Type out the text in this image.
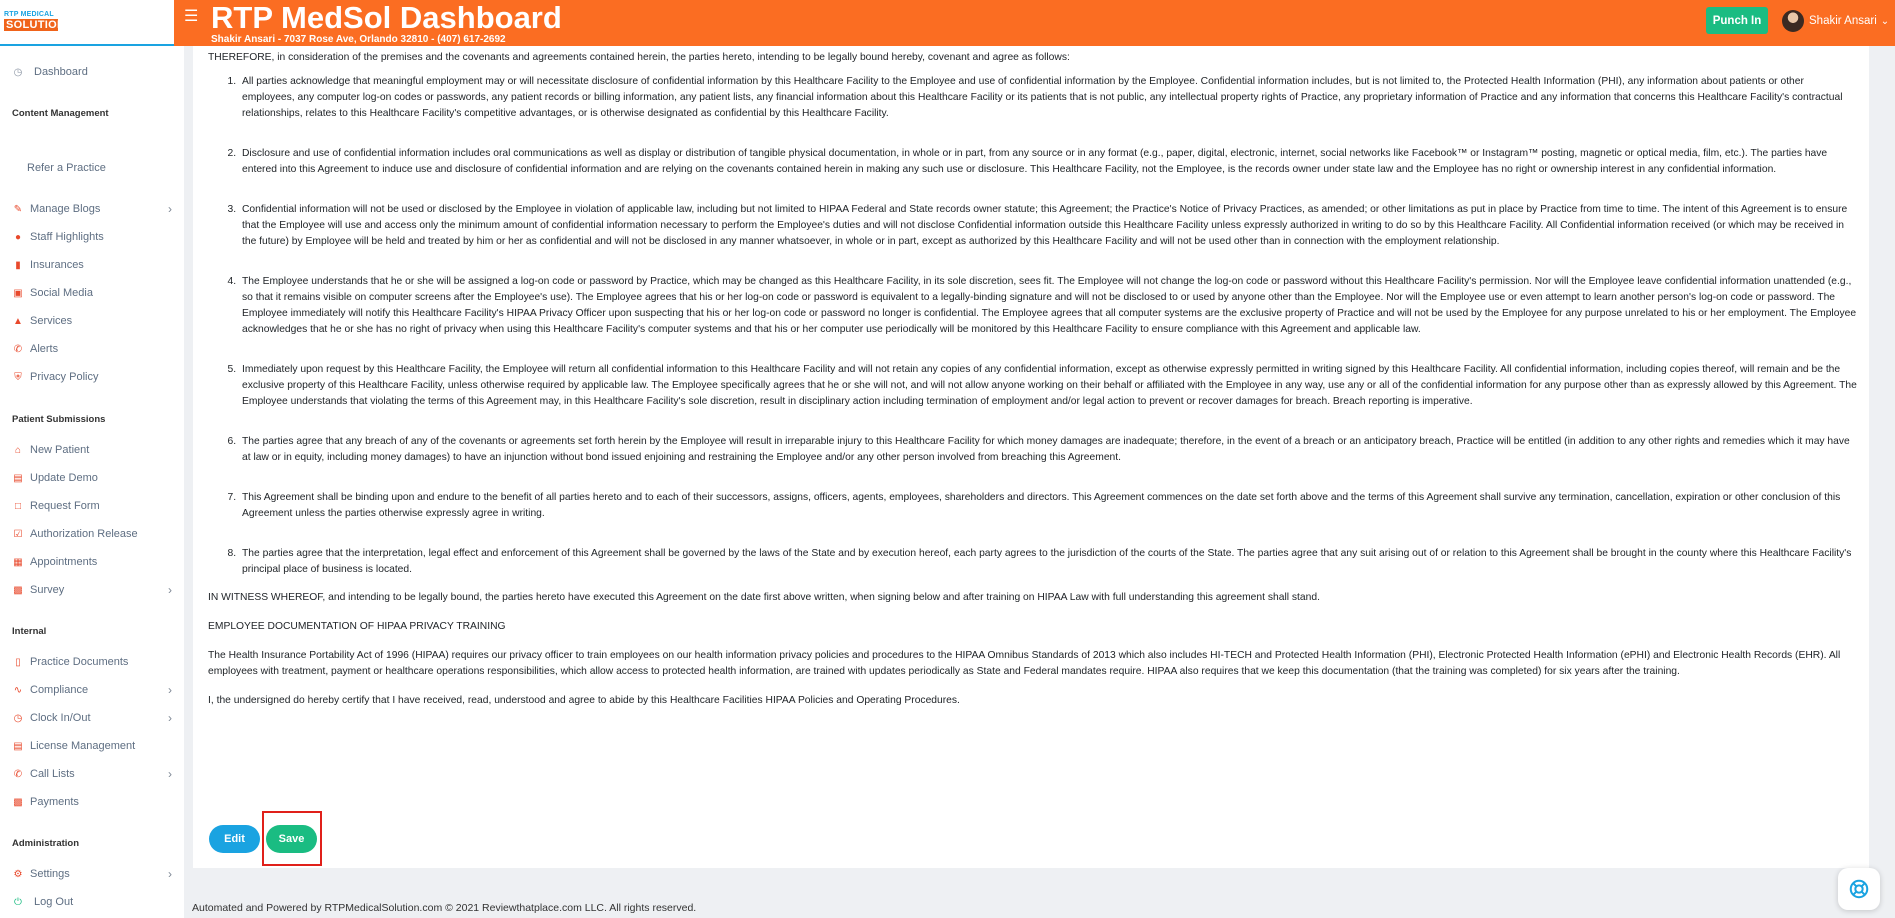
RTP MEDICAL
SOLUTION	☰ RTP MedSol Dashboard
Shakir Ansari - 7037 Rose Ave, Orlando 32810 - (407) 617-2692
Punch In	Shakir Ansari ⌄
◷ Dashboard
Content Management
Refer a Practice
✎ Manage Blogs	›
● Staff Highlights
▮ Insurances
▣ Social Media
▲ Services
✆ Alerts
⛨ Privacy Policy
Patient Submissions
⌂ New Patient
▤ Update Demo
□ Request Form
☑ Authorization Release
▦ Appointments
▩ Survey	›
Internal
▯ Practice Documents
∿ Compliance	›
◷ Clock In/Out	›
▤ License Management
✆ Call Lists	›
▩ Payments
Administration
⚙ Settings	›
⏻ Log Out

THEREFORE, in consideration of the premises and the covenants and agreements contained herein, the parties hereto, intending to be legally bound hereby, covenant and agree as follows:

1. All parties acknowledge that meaningful employment may or will necessitate disclosure of confidential information by this Healthcare Facility to the Employee and use of confidential information by the Employee. Confidential information includes, but is not limited to, the Protected Health Information (PHI), any information about patients or other employees, any computer log-on codes or passwords, any patient records or billing information, any patient lists, any financial information about this Healthcare Facility or its patients that is not public, any intellectual property rights of Practice, any proprietary information of Practice and any information that concerns this Healthcare Facility's contractual relationships, relates to this Healthcare Facility's competitive advantages, or is otherwise designated as confidential by this Healthcare Facility.
2. Disclosure and use of confidential information includes oral communications as well as display or distribution of tangible physical documentation, in whole or in part, from any source or in any format (e.g., paper, digital, electronic, internet, social networks like Facebook™ or Instagram™ posting, magnetic or optical media, film, etc.). The parties have entered into this Agreement to induce use and disclosure of confidential information and are relying on the covenants contained herein in making any such use or disclosure. This Healthcare Facility, not the Employee, is the records owner under state law and the Employee has no right or ownership interest in any confidential information.
3. Confidential information will not be used or disclosed by the Employee in violation of applicable law, including but not limited to HIPAA Federal and State records owner statute; this Agreement; the Practice's Notice of Privacy Practices, as amended; or other limitations as put in place by Practice from time to time. The intent of this Agreement is to ensure that the Employee will use and access only the minimum amount of confidential information necessary to perform the Employee's duties and will not disclose Confidential information outside this Healthcare Facility unless expressly authorized in writing to do so by this Healthcare Facility. All Confidential information received (or which may be received in the future) by Employee will be held and treated by him or her as confidential and will not be disclosed in any manner whatsoever, in whole or in part, except as authorized by this Healthcare Facility and will not be used other than in connection with the employment relationship.
4. The Employee understands that he or she will be assigned a log-on code or password by Practice, which may be changed as this Healthcare Facility, in its sole discretion, sees fit. The Employee will not change the log-on code or password without this Healthcare Facility's permission. Nor will the Employee leave confidential information unattended (e.g., so that it remains visible on computer screens after the Employee's use). The Employee agrees that his or her log-on code or password is equivalent to a legally-binding signature and will not be disclosed to or used by anyone other than the Employee. Nor will the Employee use or even attempt to learn another person's log-on code or password. The Employee immediately will notify this Healthcare Facility's HIPAA Privacy Officer upon suspecting that his or her log-on code or password no longer is confidential. The Employee agrees that all computer systems are the exclusive property of Practice and will not be used by the Employee for any purpose unrelated to his or her employment. The Employee acknowledges that he or she has no right of privacy when using this Healthcare Facility's computer systems and that his or her computer use periodically will be monitored by this Healthcare Facility to ensure compliance with this Agreement and applicable law.
5. Immediately upon request by this Healthcare Facility, the Employee will return all confidential information to this Healthcare Facility and will not retain any copies of any confidential information, except as otherwise expressly permitted in writing signed by this Healthcare Facility. All confidential information, including copies thereof, will remain and be the exclusive property of this Healthcare Facility, unless otherwise required by applicable law. The Employee specifically agrees that he or she will not, and will not allow anyone working on their behalf or affiliated with the Employee in any way, use any or all of the confidential information for any purpose other than as expressly allowed by this Agreement. The Employee understands that violating the terms of this Agreement may, in this Healthcare Facility's sole discretion, result in disciplinary action including termination of employment and/or legal action to prevent or recover damages for breach. Breach reporting is imperative.
6. The parties agree that any breach of any of the covenants or agreements set forth herein by the Employee will result in irreparable injury to this Healthcare Facility for which money damages are inadequate; therefore, in the event of a breach or an anticipatory breach, Practice will be entitled (in addition to any other rights and remedies which it may have at law or in equity, including money damages) to have an injunction without bond issued enjoining and restraining the Employee and/or any other person involved from breaching this Agreement.
7. This Agreement shall be binding upon and endure to the benefit of all parties hereto and to each of their successors, assigns, officers, agents, employees, shareholders and directors. This Agreement commences on the date set forth above and the terms of this Agreement shall survive any termination, cancellation, expiration or other conclusion of this Agreement unless the parties otherwise expressly agree in writing.
8. The parties agree that the interpretation, legal effect and enforcement of this Agreement shall be governed by the laws of the State and by execution hereof, each party agrees to the jurisdiction of the courts of the State. The parties agree that any suit arising out of or relation to this Agreement shall be brought in the county where this Healthcare Facility's principal place of business is located.

IN WITNESS WHEREOF, and intending to be legally bound, the parties hereto have executed this Agreement on the date first above written, when signing below and after training on HIPAA Law with full understanding this agreement shall stand.

EMPLOYEE DOCUMENTATION OF HIPAA PRIVACY TRAINING

The Health Insurance Portability Act of 1996 (HIPAA) requires our privacy officer to train employees on our health information privacy policies and procedures to the HIPAA Omnibus Standards of 2013 which also includes HI-TECH and Protected Health Information (PHI), Electronic Protected Health Information (ePHI) and Electronic Health Records (EHR). All employees with treatment, payment or healthcare operations responsibilities, which allow access to protected health information, are trained with updates periodically as State and Federal mandates require. HIPAA also requires that we keep this documentation (that the training was completed) for six years after the training.

I, the undersigned do hereby certify that I have received, read, understood and agree to abide by this Healthcare Facilities HIPAA Policies and Operating Procedures.

Edit	Save
Automated and Powered by RTPMedicalSolution.com © 2021 Reviewthatplace.com LLC. All rights reserved.
